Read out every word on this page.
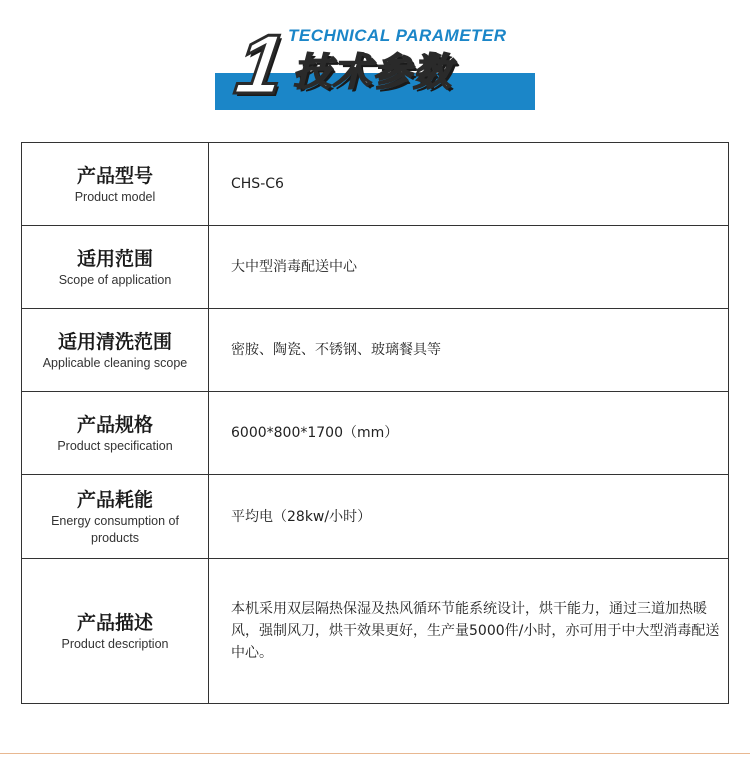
1
TECHNICAL PARAMETER
技术参数
产品型号
Product model	CHS-C6

适用范围
Scope of application	大中型消毒配送中心

适用清洗范围
Applicable cleaning scope	密胺、陶瓷、不锈钢、玻璃餐具等

产品规格
Product specification	6000*800*1700（mm）

产品耗能
Energy consumption of products	平均电（28kw/小时）

产品描述
Product description	本机采用双层隔热保湿及热风循环节能系统设计，烘干能力，通过三道加热暖风，强制风刀，烘干效果更好，生产量5000件/小时，亦可用于中大型消毒配送中心。
